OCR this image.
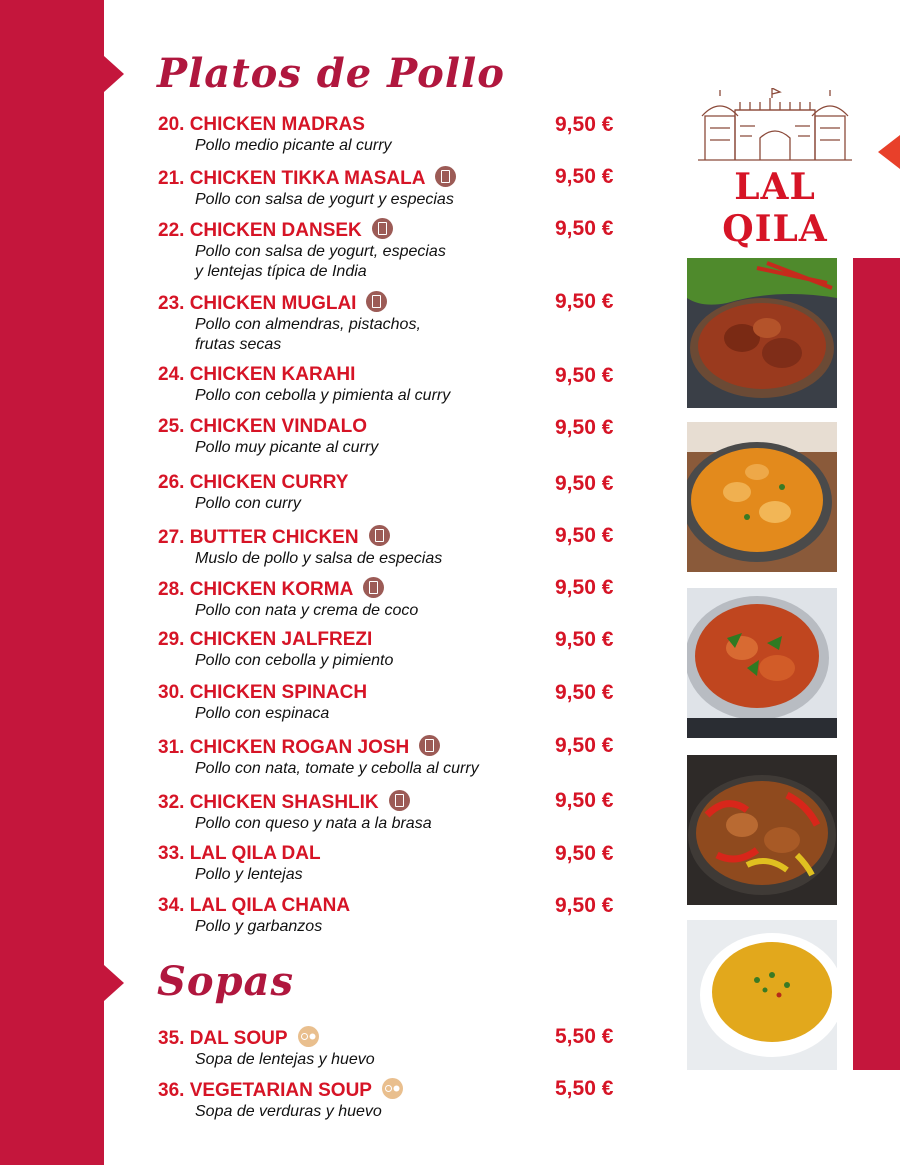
Platos de Pollo
Sopas
LAL QILA
20. CHICKEN MADRAS
Pollo medio picante al curry
9,50 €
21. CHICKEN TIKKA MASALA
Pollo con salsa de yogurt y especias
9,50 €
22. CHICKEN DANSEK
Pollo con salsa de yogurt, especias
y lentejas típica de India
9,50 €
23. CHICKEN MUGLAI
Pollo con almendras, pistachos,
frutas secas
9,50 €
24. CHICKEN KARAHI
Pollo con cebolla y pimienta al curry
9,50 €
25. CHICKEN VINDALO
Pollo muy picante al curry
9,50 €
26. CHICKEN CURRY
Pollo con curry
9,50 €
27. BUTTER CHICKEN
Muslo de pollo y salsa de especias
9,50 €
28. CHICKEN KORMA
Pollo con nata y crema de coco
9,50 €
29. CHICKEN JALFREZI
Pollo con cebolla y pimiento
9,50 €
30. CHICKEN SPINACH
Pollo con espinaca
9,50 €
31. CHICKEN ROGAN JOSH
Pollo con nata, tomate y cebolla al curry
9,50 €
32. CHICKEN SHASHLIK
Pollo con queso y nata a la brasa
9,50 €
33. LAL QILA DAL
Pollo y lentejas
9,50 €
34. LAL QILA CHANA
Pollo y garbanzos
9,50 €
35. DAL SOUP
Sopa de lentejas y huevo
5,50 €
36. VEGETARIAN SOUP
Sopa de verduras y huevo
5,50 €
